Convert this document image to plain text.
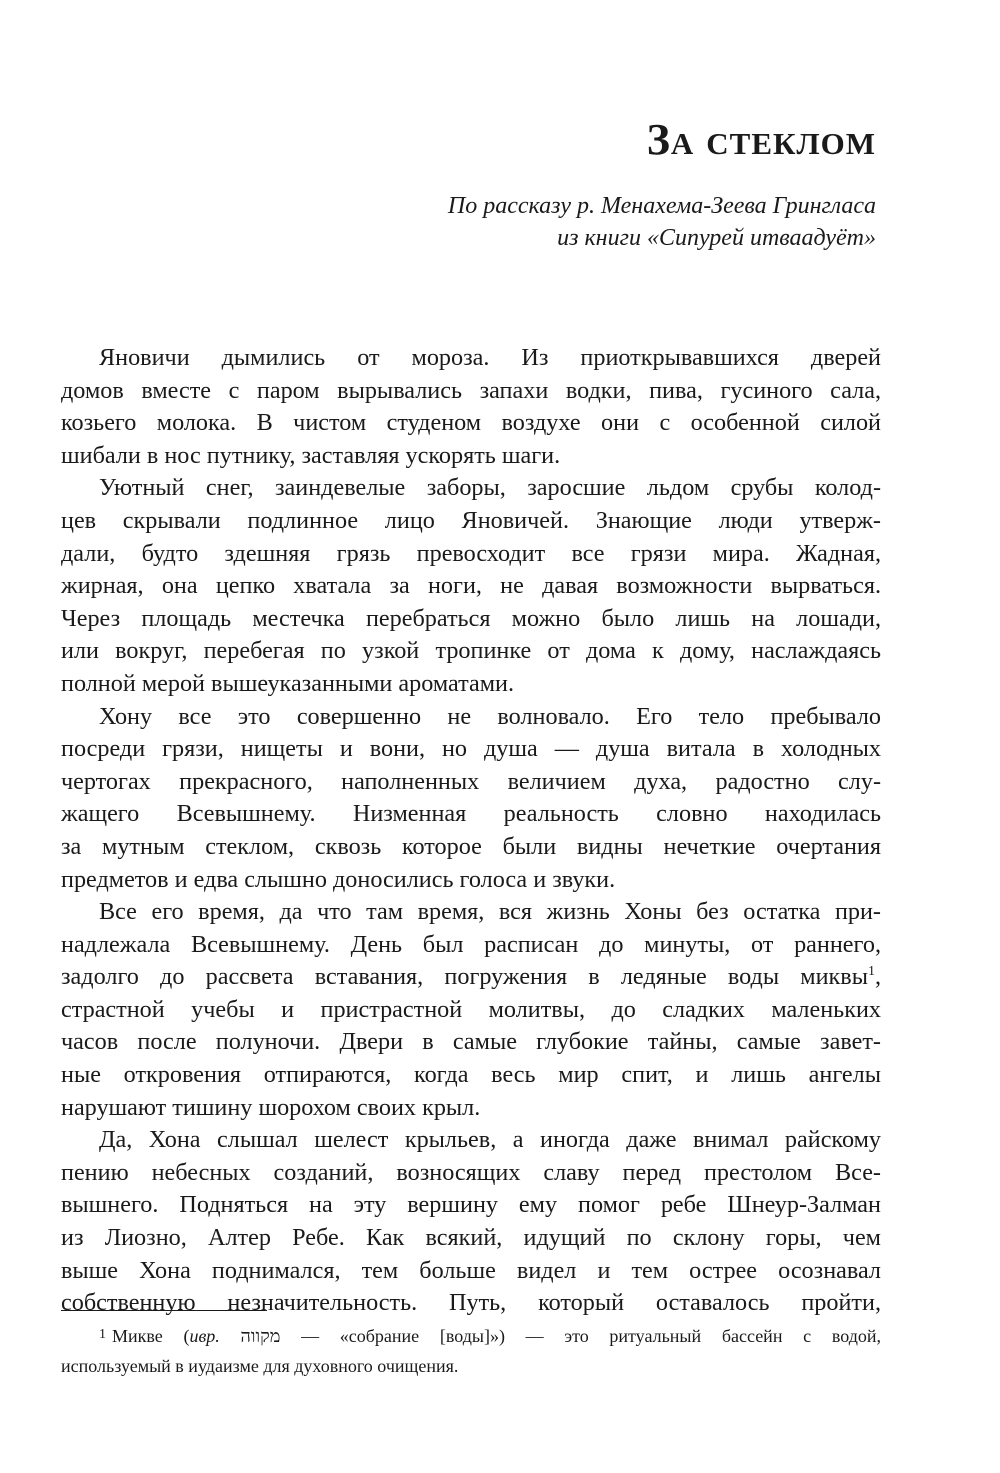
За стеклом
По рассказу р. Менахема-Зеева Гринглаcа
из книги «Сипурей итваадуёт»
Яновичи дымились от мороза. Из приоткрывавшихся дверей
домов вместе с паром вырывались запахи водки, пива, гусиного сала,
козьего молока. В чистом студеном воздухе они с особенной силой
шибали в нос путнику, заставляя ускорять шаги.
Уютный снег, заиндевелые заборы, заросшие льдом срубы колод-
цев скрывали подлинное лицо Яновичей. Знающие люди утверж-
дали, будто здешняя грязь превосходит все грязи мира. Жадная,
жирная, она цепко хватала за ноги, не давая возможности вырваться.
Через площадь местечка перебраться можно было лишь на лошади,
или вокруг, перебегая по узкой тропинке от дома к дому, наслаждаясь
полной мерой вышеуказанными ароматами.
Хону все это совершенно не волновало. Его тело пребывало
посреди грязи, нищеты и вони, но душа — душа витала в холодных
чертогах прекрасного, наполненных величием духа, радостно слу-
жащего Всевышнему. Низменная реальность словно находилась
за мутным стеклом, сквозь которое были видны нечеткие очертания
предметов и едва слышно доносились голоса и звуки.
Все его время, да что там время, вся жизнь Хоны без остатка при-
надлежала Всевышнему. День был расписан до минуты, от раннего,
задолго до рассвета вставания, погружения в ледяные воды миквы$^1$,
страстной учебы и пристрастной молитвы, до сладких маленьких
часов после полуночи. Двери в самые глубокие тайны, самые завет-
ные откровения отпираются, когда весь мир спит, и лишь ангелы
нарушают тишину шорохом своих крыл.
Да, Хона слышал шелест крыльев, а иногда даже внимал райскому
пению небесных созданий, возносящих славу перед престолом Все-
вышнего. Подняться на эту вершину ему помог ребе Шнеур-Залман
из Лиозно, Алтер Ребе. Как всякий, идущий по склону горы, чем
выше Хона поднимался, тем больше видел и тем острее осознавал
собственную незначительность. Путь, который оставалось пройти,
$^1$ Микве (ивр. מקווה — «собрание [воды]») — это ритуальный бассейн с водой,
используемый в иудаизме для духовного очищения.
